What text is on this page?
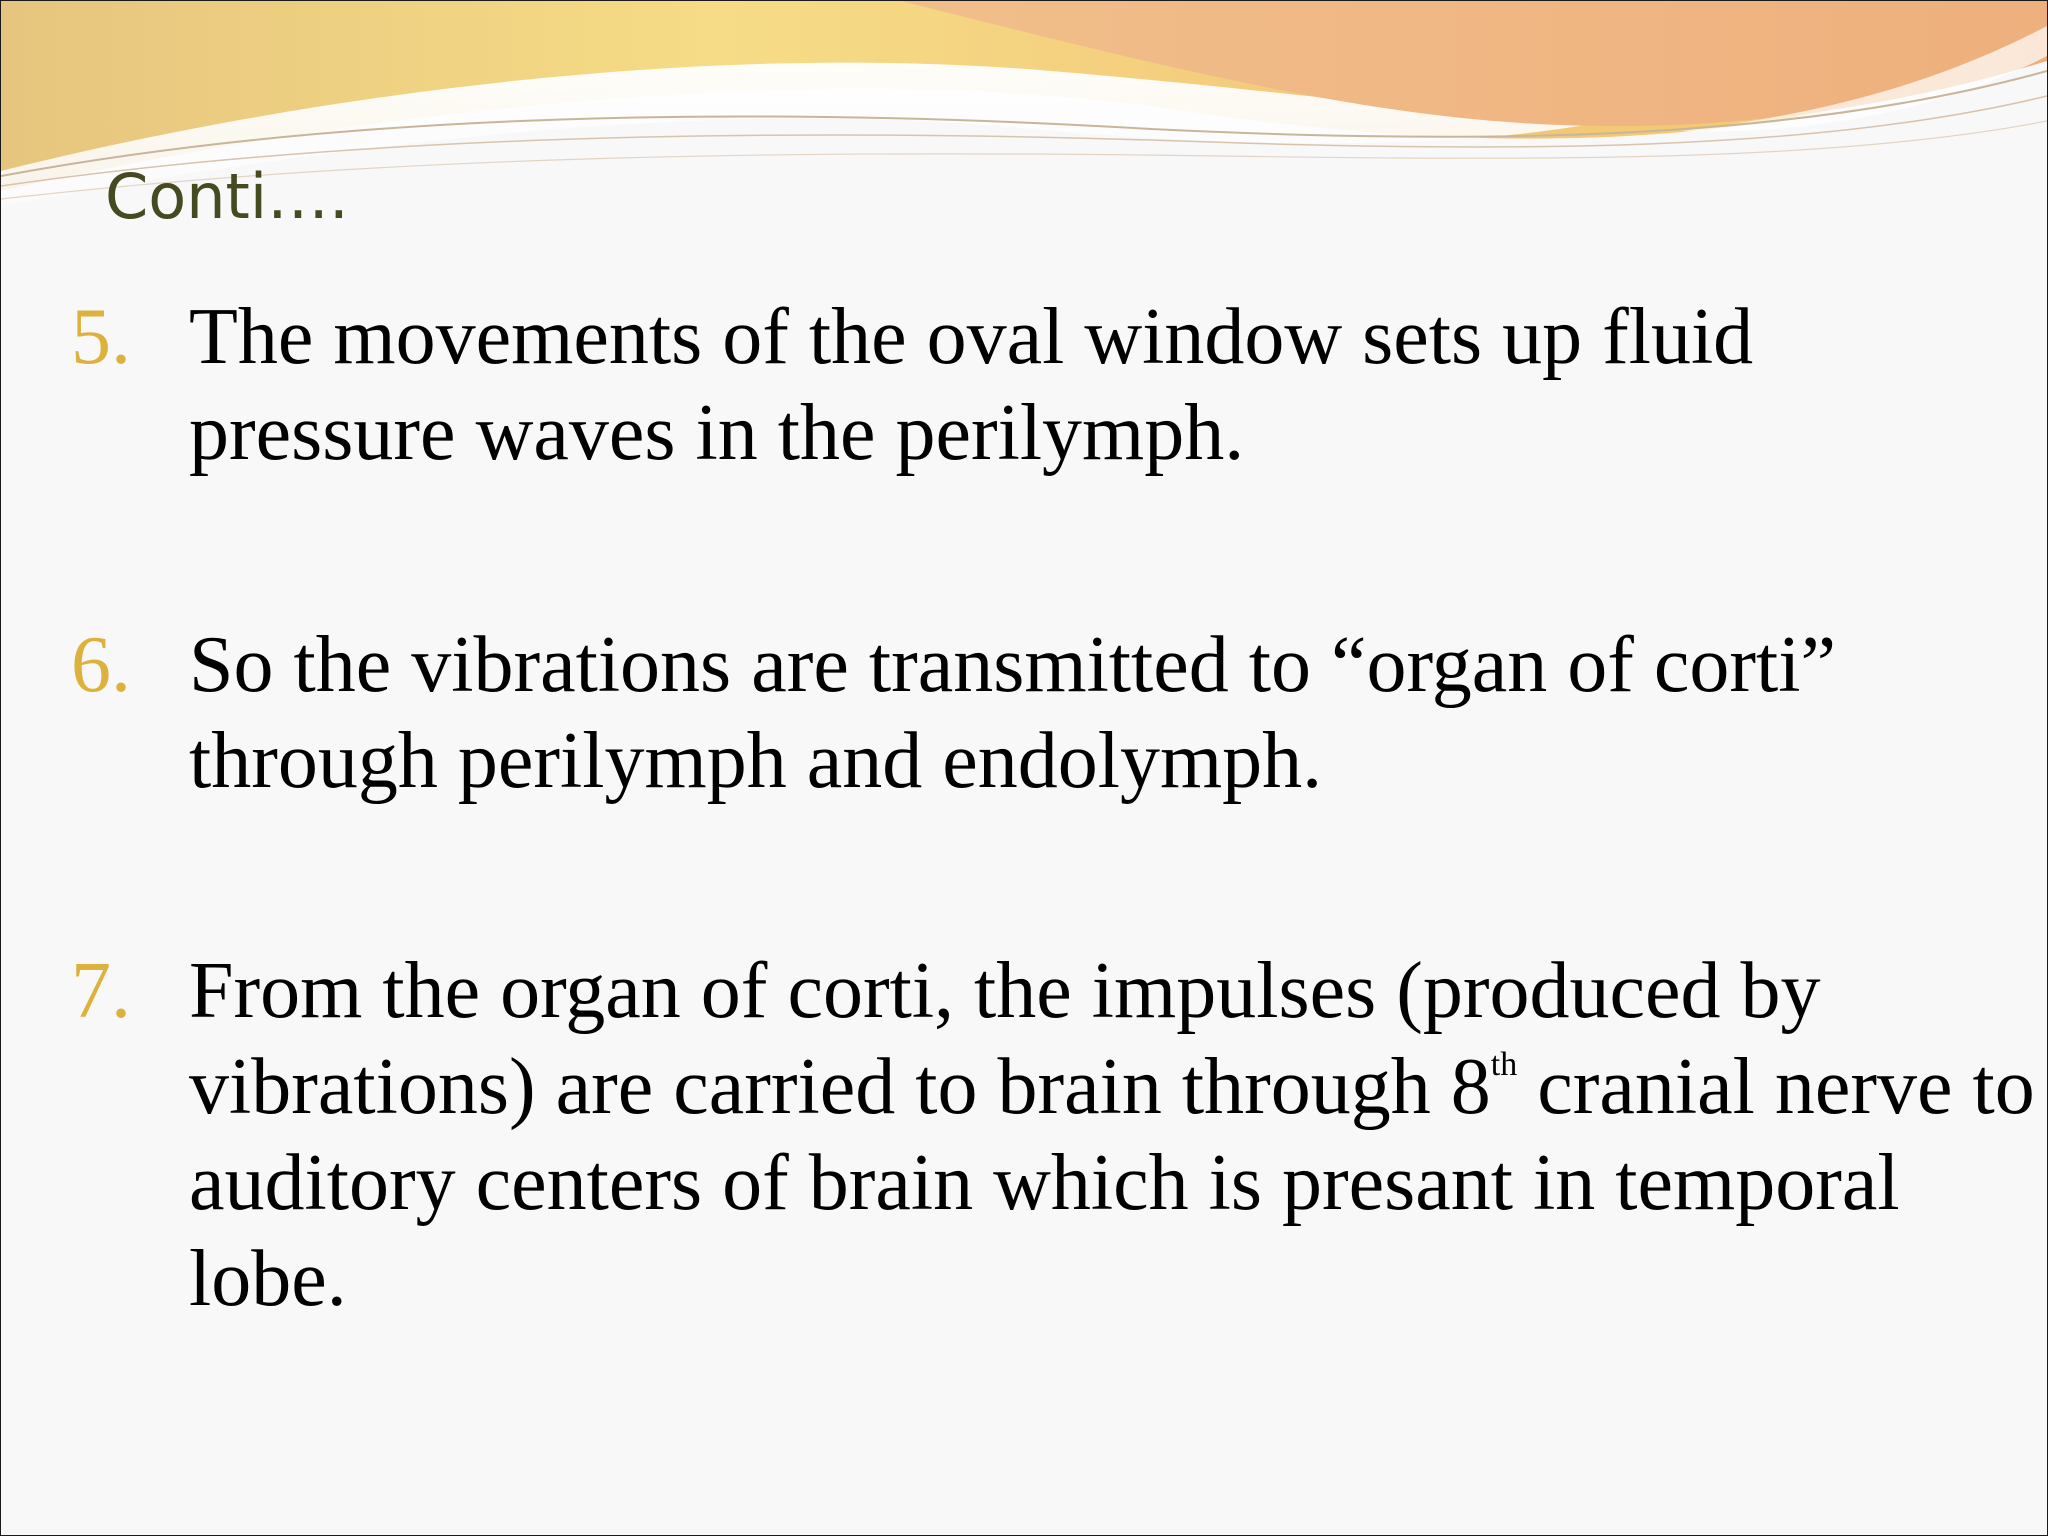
Conti….
5. The movements of the oval window sets up fluid
pressure waves in the perilymph.
6. So the vibrations are transmitted to “organ of corti”
through perilymph and endolymph.
7. From the organ of corti, the impulses (produced by
vibrations) are carried to brain through 8th cranial nerve to
auditory centers of brain which is presant in temporal
lobe.
